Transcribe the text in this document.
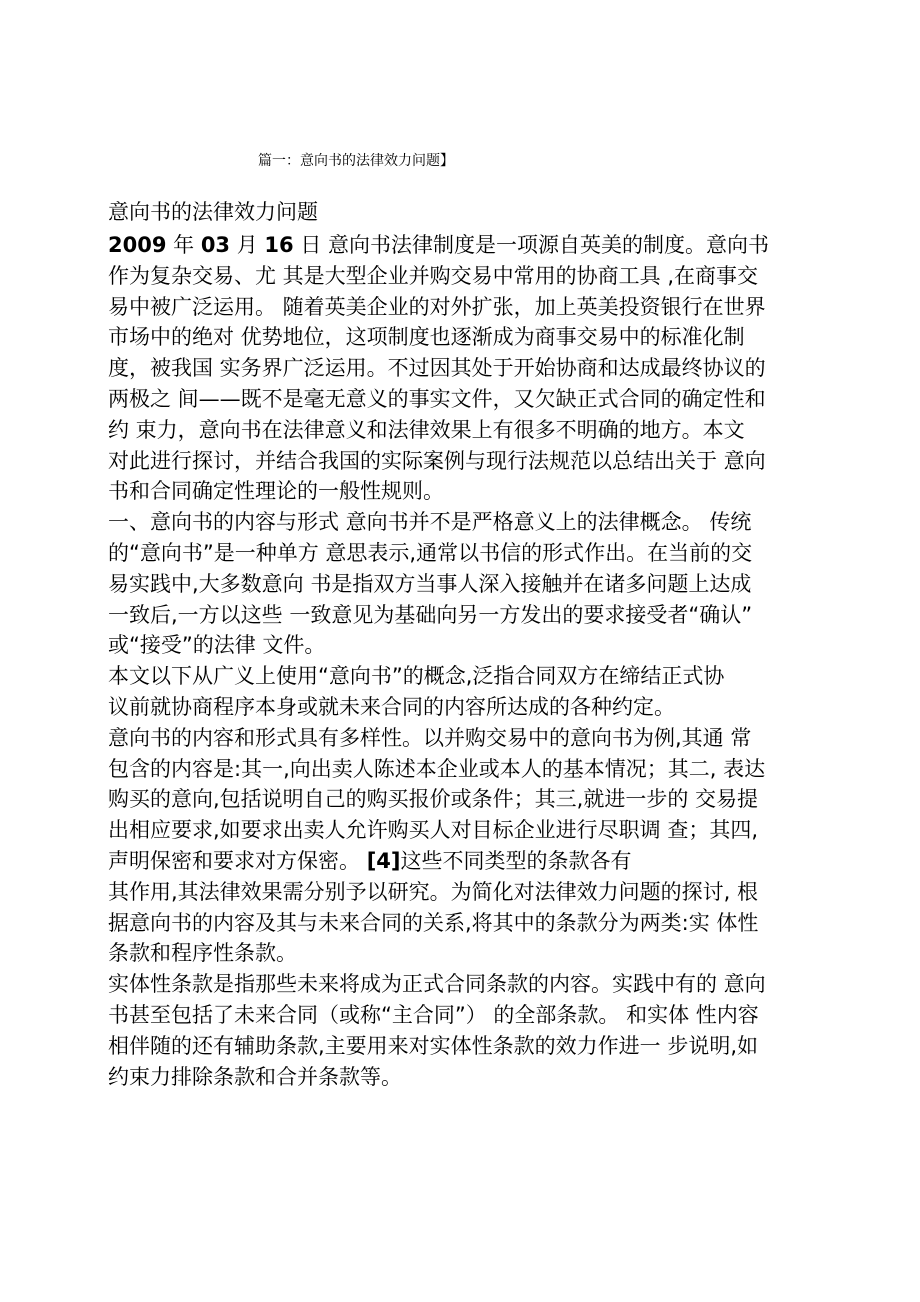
篇一：意向书的法律效力问题】
意向书的法律效力问题
2009 年 03 月 16 日 意向书法律制度是一项源自英美的制度。意向书
作为复杂交易、尤 其是大型企业并购交易中常用的协商工具 ,在商事交
易中被广泛运用。 随着英美企业的对外扩张，加上英美投资银行在世界
市场中的绝对 优势地位，这项制度也逐渐成为商事交易中的标准化制
度，被我国 实务界广泛运用。不过因其处于开始协商和达成最终协议的
两极之 间——既不是毫无意义的事实文件，又欠缺正式合同的确定性和
约 束力，意向书在法律意义和法律效果上有很多不明确的地方。本文
对此进行探讨，并结合我国的实际案例与现行法规范以总结出关于 意向
书和合同确定性理论的一般性规则。
一、意向书的内容与形式 意向书并不是严格意义上的法律概念。 传统
的“意向书”是一种单方 意思表示,通常以书信的形式作出。在当前的交
易实践中,大多数意向 书是指双方当事人深入接触并在诸多问题上达成
一致后,一方以这些 一致意见为基础向另一方发出的要求接受者“确认”
或“接受”的法律 文件。
本文以下从广义上使用“意向书”的概念,泛指合同双方在缔结正式协
议前就协商程序本身或就未来合同的内容所达成的各种约定。
意向书的内容和形式具有多样性。以并购交易中的意向书为例,其通 常
包含的内容是:其一,向出卖人陈述本企业或本人的基本情况；其二, 表达
购买的意向,包括说明自己的购买报价或条件；其三,就进一步的 交易提
出相应要求,如要求出卖人允许购买人对目标企业进行尽职调 查；其四,
声明保密和要求对方保密。 [4]这些不同类型的条款各有
其作用,其法律效果需分别予以研究。为简化对法律效力问题的探讨, 根
据意向书的内容及其与未来合同的关系,将其中的条款分为两类:实 体性
条款和程序性条款。
实体性条款是指那些未来将成为正式合同条款的内容。实践中有的 意向
书甚至包括了未来合同（或称“主合同”） 的全部条款。 和实体 性内容
相伴随的还有辅助条款,主要用来对实体性条款的效力作进一 步说明,如
约束力排除条款和合并条款等。
